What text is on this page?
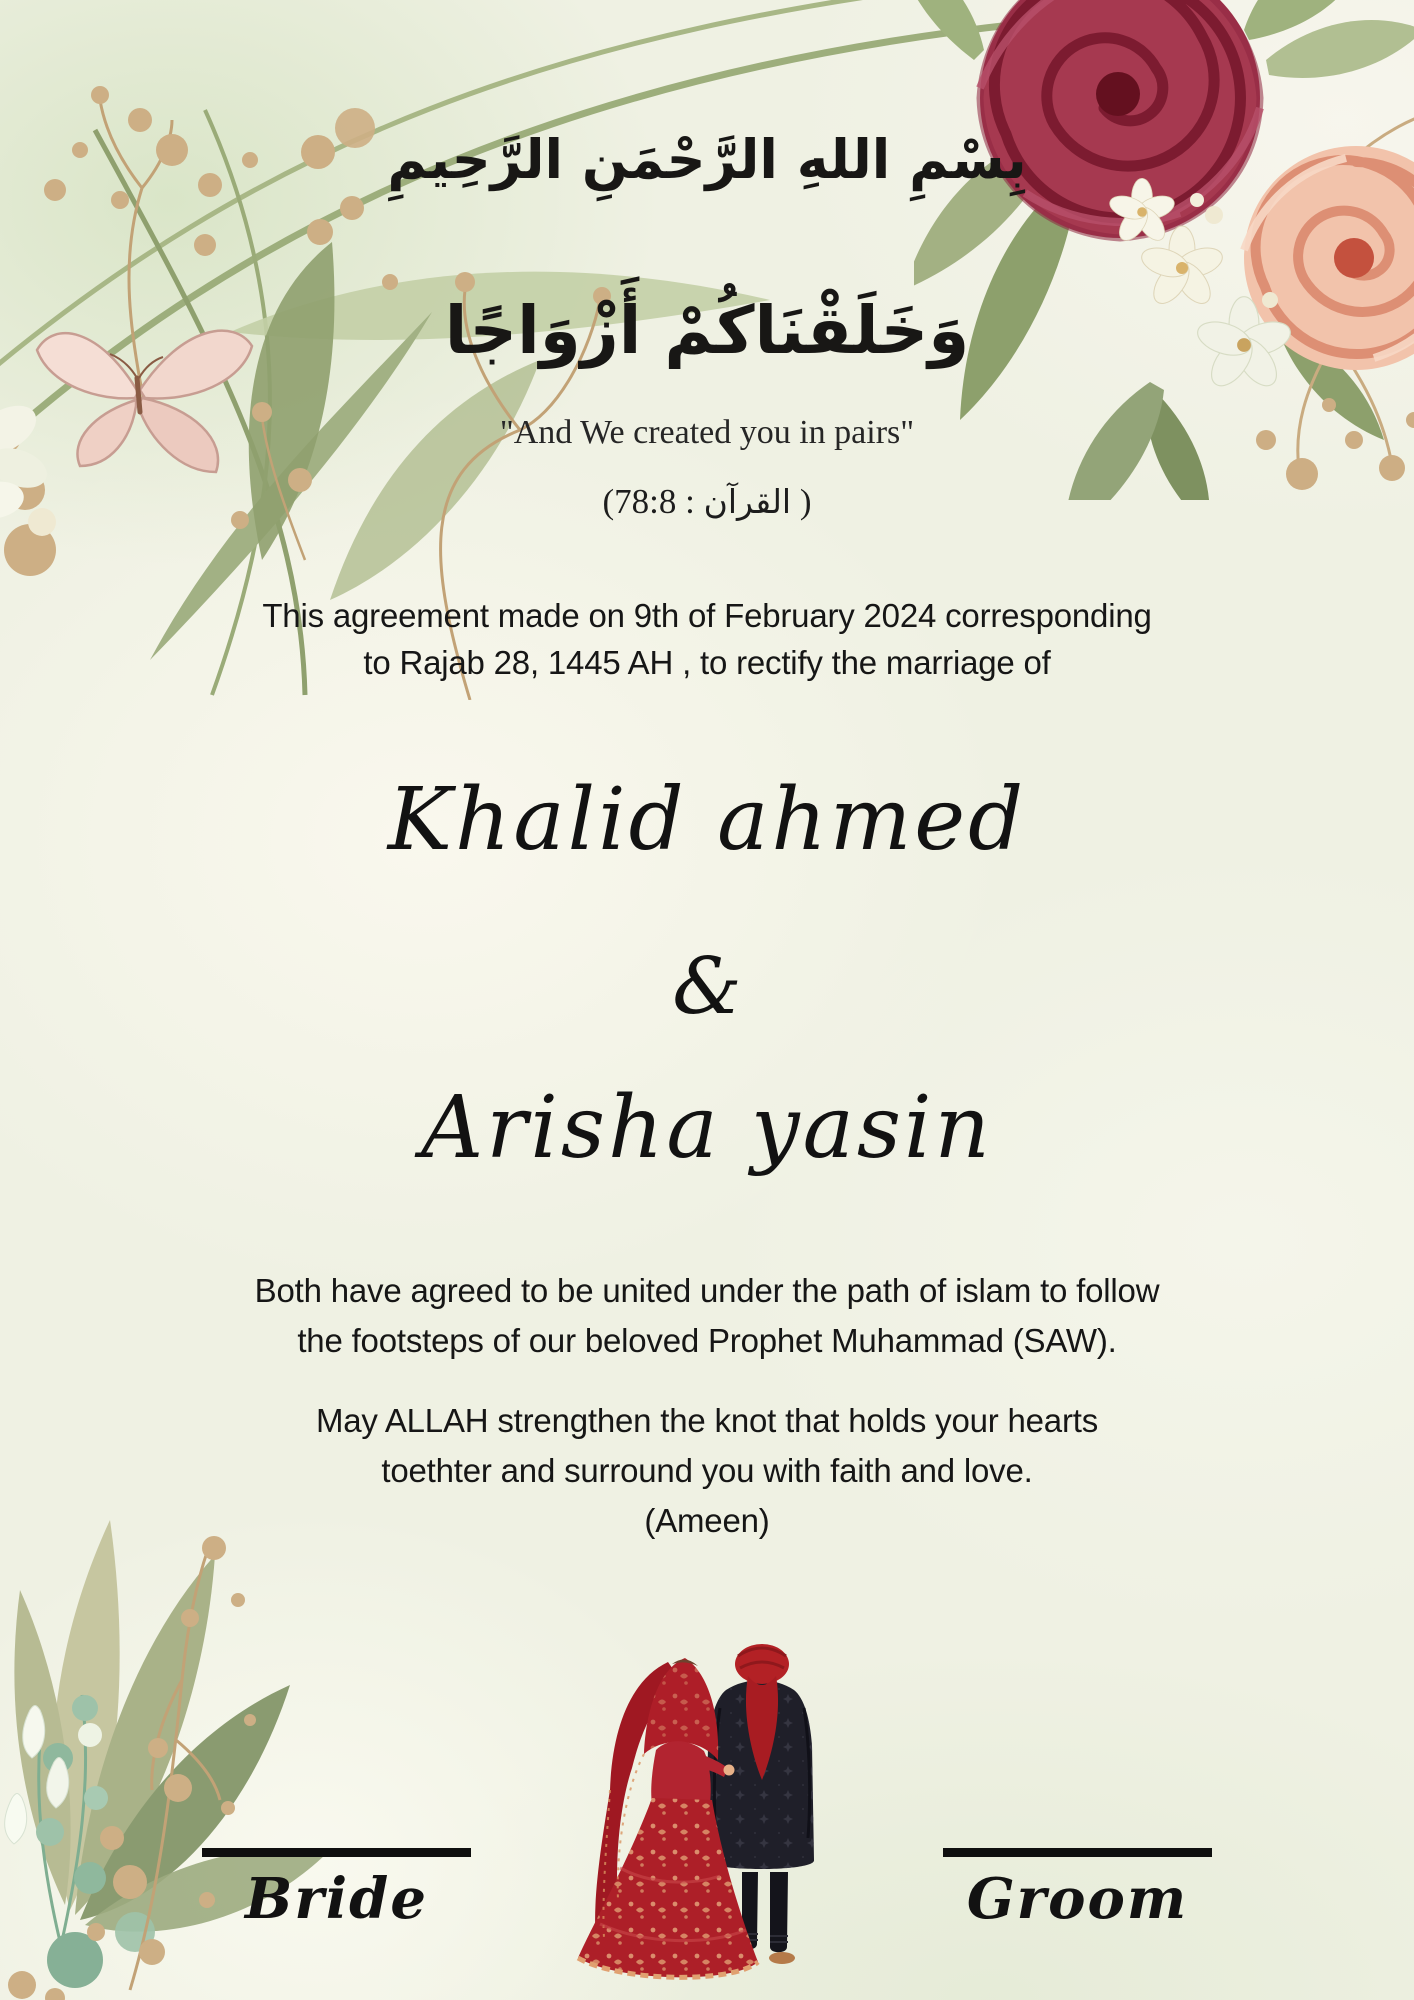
بِسْمِ اللهِ الرَّحْمَنِ الرَّحِيمِ
وَخَلَقْنَاكُمْ أَزْوَاجًا
"And We created you in pairs"
(78:8 : القرآن )
This agreement made on 9th of February 2024 corresponding
to Rajab 28, 1445 AH , to rectify the marriage of
Khalid ahmed
&
Arisha yasin
Both have agreed to be united under the path of islam to follow
the footsteps of our beloved Prophet Muhammad (SAW).
May ALLAH strengthen the knot that holds your hearts
toethter and surround you with faith and love.
(Ameen)
Bride	Groom
